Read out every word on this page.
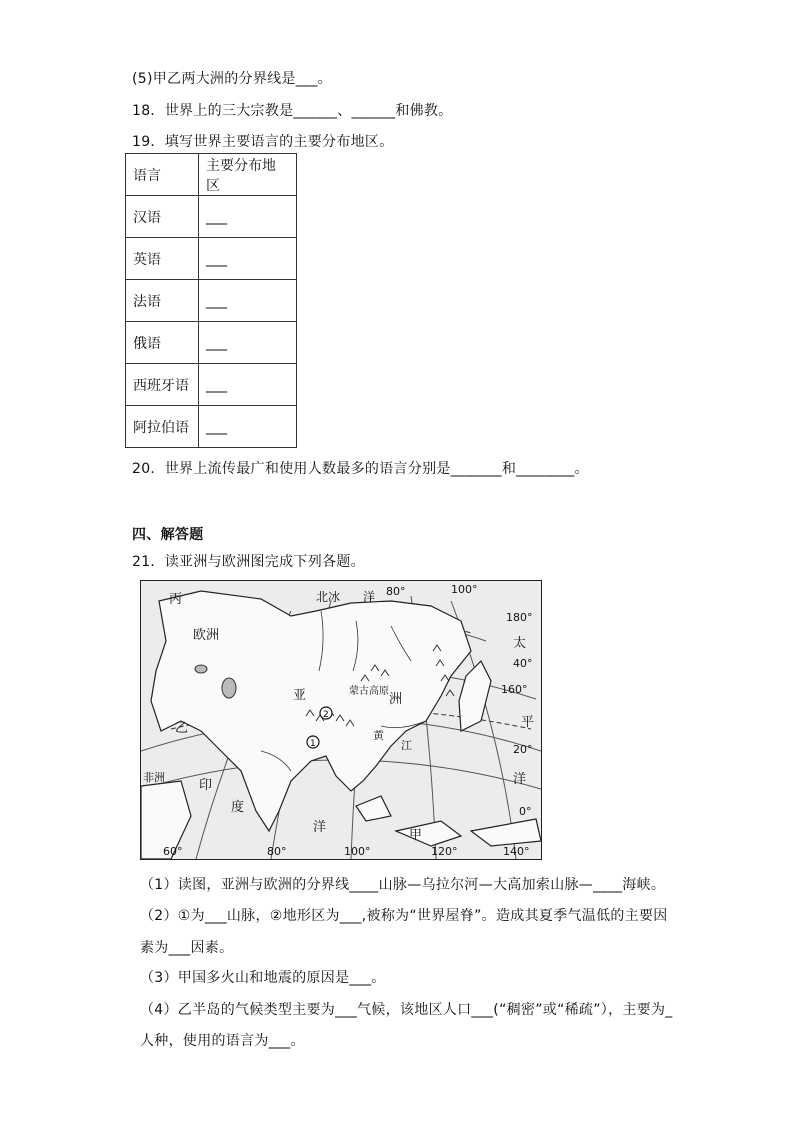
(5)甲乙两大洲的分界线是___。
18．世界上的三大宗教是______、______和佛教。
19．填写世界主要语言的主要分布地区。
语言	主要分布地区
汉语	___
英语	___
法语	___
俄语	___
西班牙语	___
阿拉伯语	___
20．世界上流传最广和使用人数最多的语言分别是_______和________。
四、解答题
21．读亚洲与欧洲图完成下列各题。
1
2
丙
欧洲
北冰 洋
亚	洲
蒙古高原
乙
非洲
印
度
洋
太
平
洋
甲
黄
江
80°	100°
180°
40°
160°
20°
0°
60°	80°	100°	120°	140°
（1）读图，亚洲与欧洲的分界线____山脉—乌拉尔河—大高加索山脉—____海峡。
（2）①为___山脉，②地形区为___,被称为“世界屋脊”。造成其夏季气温低的主要因
素为___因素。
（3）甲国多火山和地震的原因是___。
（4）乙半岛的气候类型主要为___气候，该地区人口___(“稠密”或“稀疏”），主要为_
人种，使用的语言为___。
